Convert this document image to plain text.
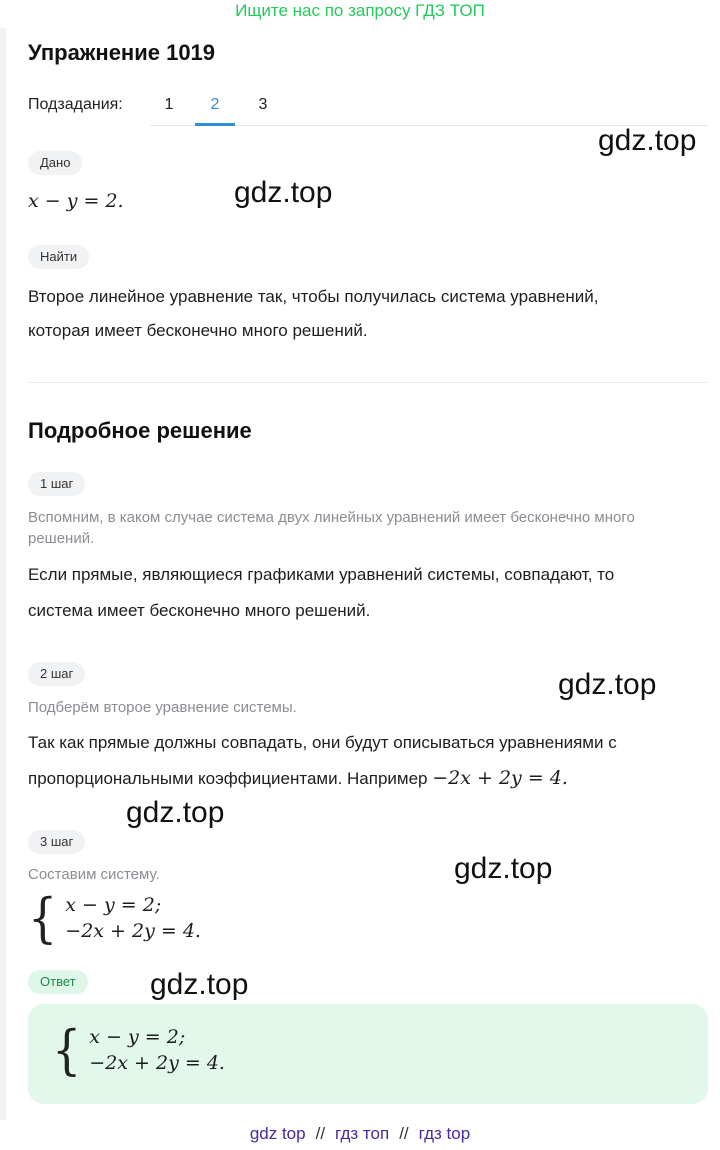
Ищите нас по запросу ГДЗ ТОП
Упражнение 1019
Подзадания:	1	2	3
Дано
x − y = 2.
Найти
Второе линейное уравнение так, чтобы получилась система уравнений,
которая имеет бесконечно много решений.
Подробное решение
1 шаг
Вспомним, в каком случае система двух линейных уравнений имеет бесконечно много
решений.
Если прямые, являющиеся графиками уравнений системы, совпадают, то
система имеет бесконечно много решений.
2 шаг
Подберём второе уравнение системы.
Так как прямые должны совпадать, они будут описываться уравнениями с
пропорциональными коэффициентами. Например −2x + 2y = 4.
3 шаг
Составим систему.
{ x − y = 2;
−2x + 2y = 4.
Ответ
{ x − y = 2;
−2x + 2y = 4.
gdz.top
gdz.top
gdz.top
gdz.top
gdz.top
gdz.top
gdz top // гдз топ // гдз top
